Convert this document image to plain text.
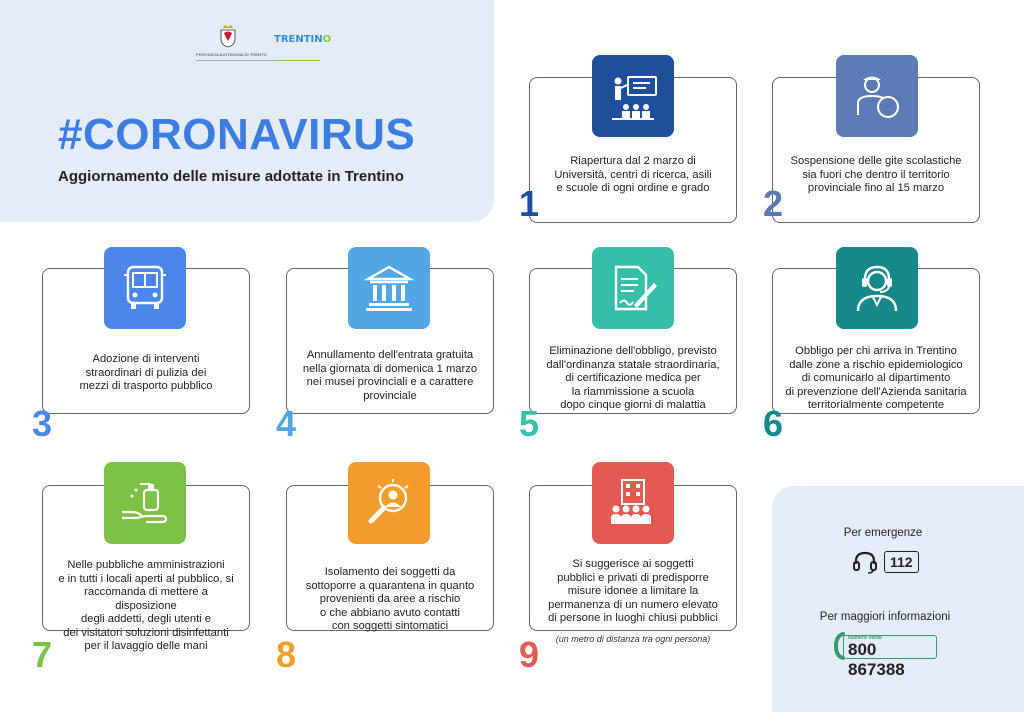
PROVINCIA AUTONOMA DI TRENTO
TRENTINO
#CORONAVIRUS
Aggiornamento delle misure adottate in Trentino
Riapertura dal 2 marzo di
Università, centri di ricerca, asili
e scuole di ogni ordine e grado
1
Sospensione delle gite scolastiche
sia fuori che dentro il territorio
provinciale fino al 15 marzo
2
Adozione di interventi
straordinari di pulizia dei
mezzi di trasporto pubblico
3
Annullamento dell'entrata gratuita
nella giornata di domenica 1 marzo
nei musei provinciali e a carattere
provinciale
4
Eliminazione dell'obbligo, previsto
dall'ordinanza statale straordinaria,
di certificazione medica per
la riammissione a scuola
dopo cinque giorni di malattia
5
Obbligo per chi arriva in Trentino
dalle zone a rischio epidemiologico
di comunicarlo al dipartimento
di prevenzione dell'Azienda sanitaria
territorialmente competente
6
Nelle pubbliche amministrazioni
e in tutti i locali aperti al pubblico, si
raccomanda di mettere a disposizione
degli addetti, degli utenti e
dei visitatori soluzioni disinfettanti
per il lavaggio delle mani
7
Isolamento dei soggetti da
sottoporre a quarantena in quanto
provenienti da aree a rischio
o che abbiano avuto contatti
con soggetti sintomatici
8
Si suggerisce ai soggetti
pubblici e privati di predisporre
misure idonee a limitare la
permanenza di un numero elevato
di persone in luoghi chiusi pubblici
(un metro di distanza tra ogni persona)
9
Per emergenze
112
Per maggiori informazioni
Numero Verde
800 867388
